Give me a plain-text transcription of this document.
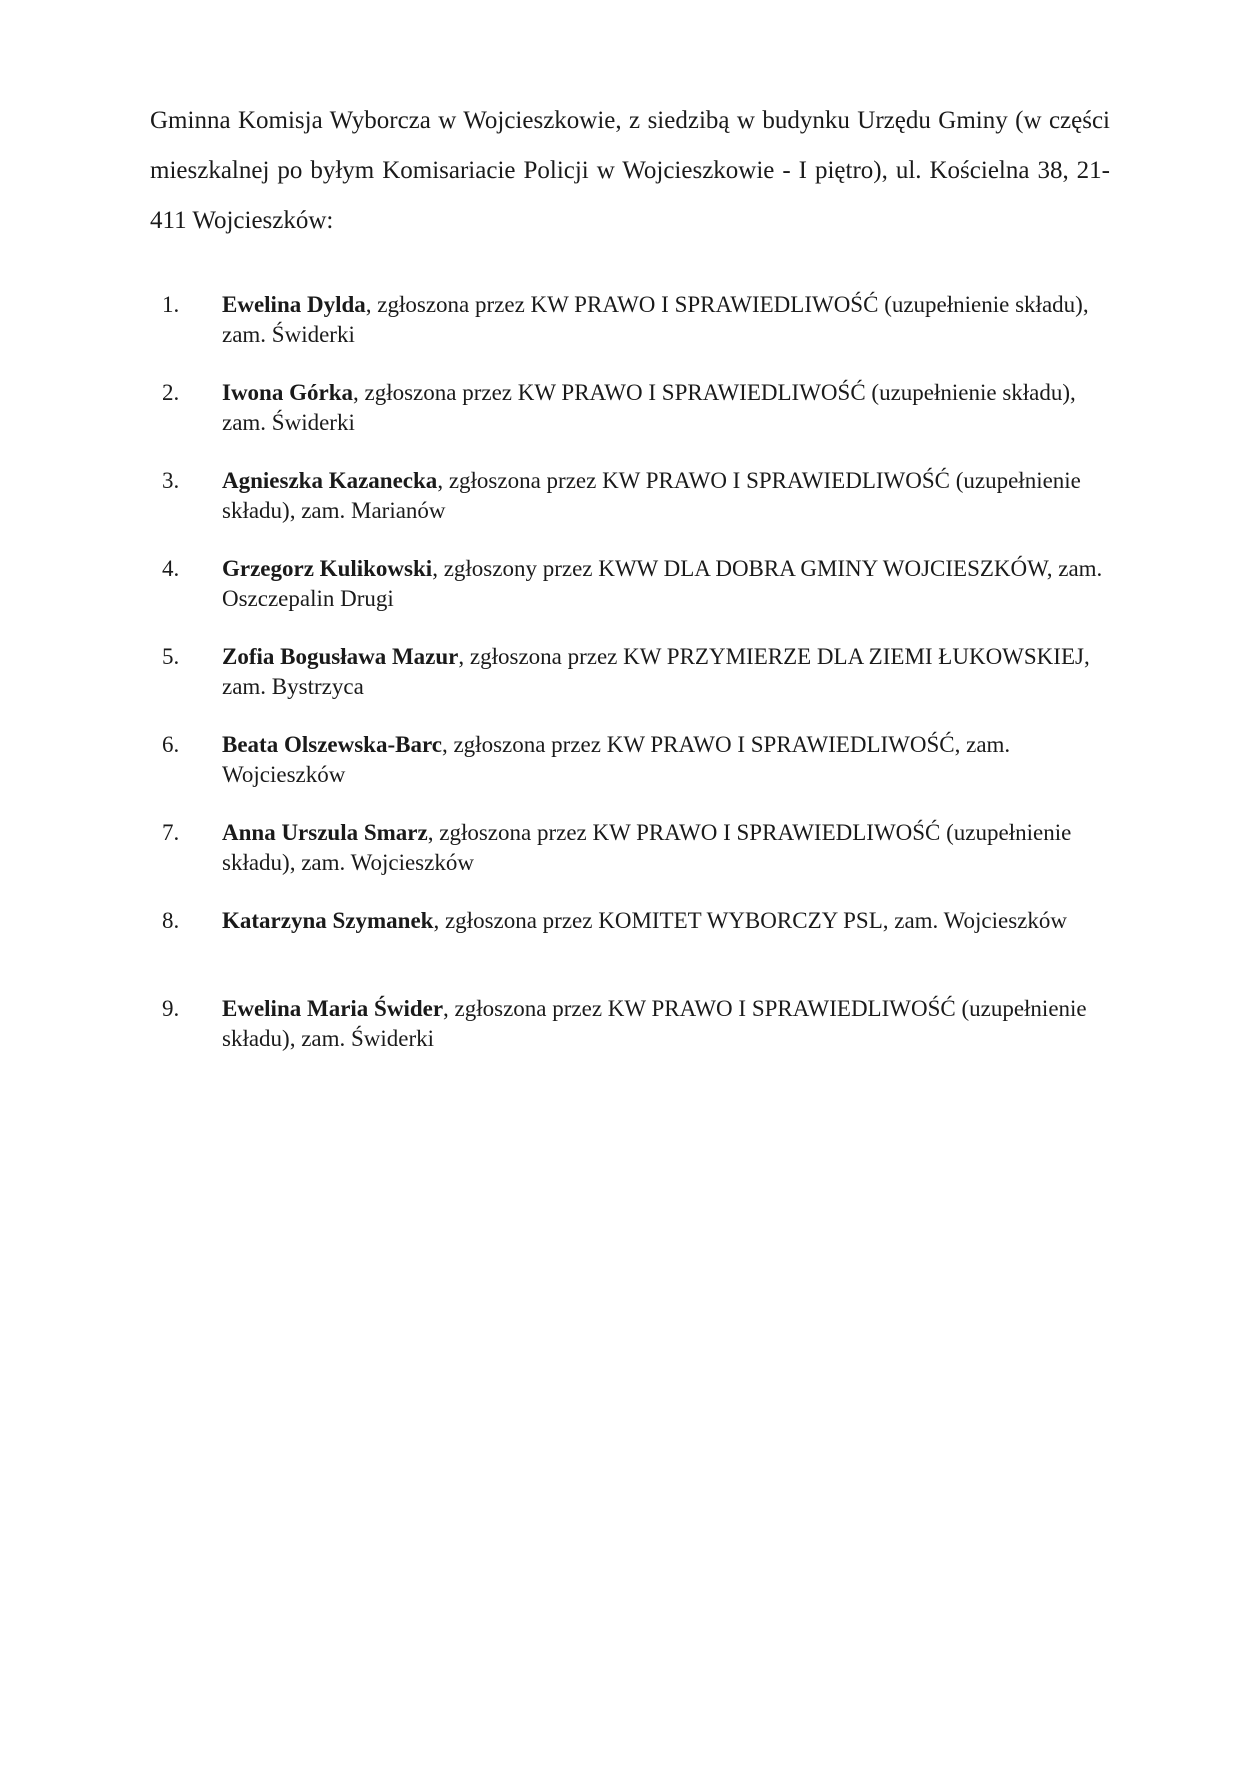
Gminna Komisja Wyborcza w Wojcieszkowie, z siedzibą w budynku Urzędu Gminy (w części mieszkalnej po byłym Komisariacie Policji w Wojcieszkowie - I piętro), ul. Kościelna 38, 21-411 Wojcieszków:

1.	Ewelina Dylda, zgłoszona przez KW PRAWO I SPRAWIEDLIWOŚĆ (uzupełnienie składu), zam. Świderki
2.	Iwona Górka, zgłoszona przez KW PRAWO I SPRAWIEDLIWOŚĆ (uzupełnienie składu), zam. Świderki
3.	Agnieszka Kazanecka, zgłoszona przez KW PRAWO I SPRAWIEDLIWOŚĆ (uzupełnienie składu), zam. Marianów
4.	Grzegorz Kulikowski, zgłoszony przez KWW DLA DOBRA GMINY WOJCIESZKÓW, zam. Oszczepalin Drugi
5.	Zofia Bogusława Mazur, zgłoszona przez KW PRZYMIERZE DLA ZIEMI ŁUKOWSKIEJ, zam. Bystrzyca
6.	Beata Olszewska-Barc, zgłoszona przez KW PRAWO I SPRAWIEDLIWOŚĆ, zam. Wojcieszków
7.	Anna Urszula Smarz, zgłoszona przez KW PRAWO I SPRAWIEDLIWOŚĆ (uzupełnienie składu), zam. Wojcieszków
8.	Katarzyna Szymanek, zgłoszona przez KOMITET WYBORCZY PSL, zam. Wojcieszków
9.	Ewelina Maria Świder, zgłoszona przez KW PRAWO I SPRAWIEDLIWOŚĆ (uzupełnienie składu), zam. Świderki
